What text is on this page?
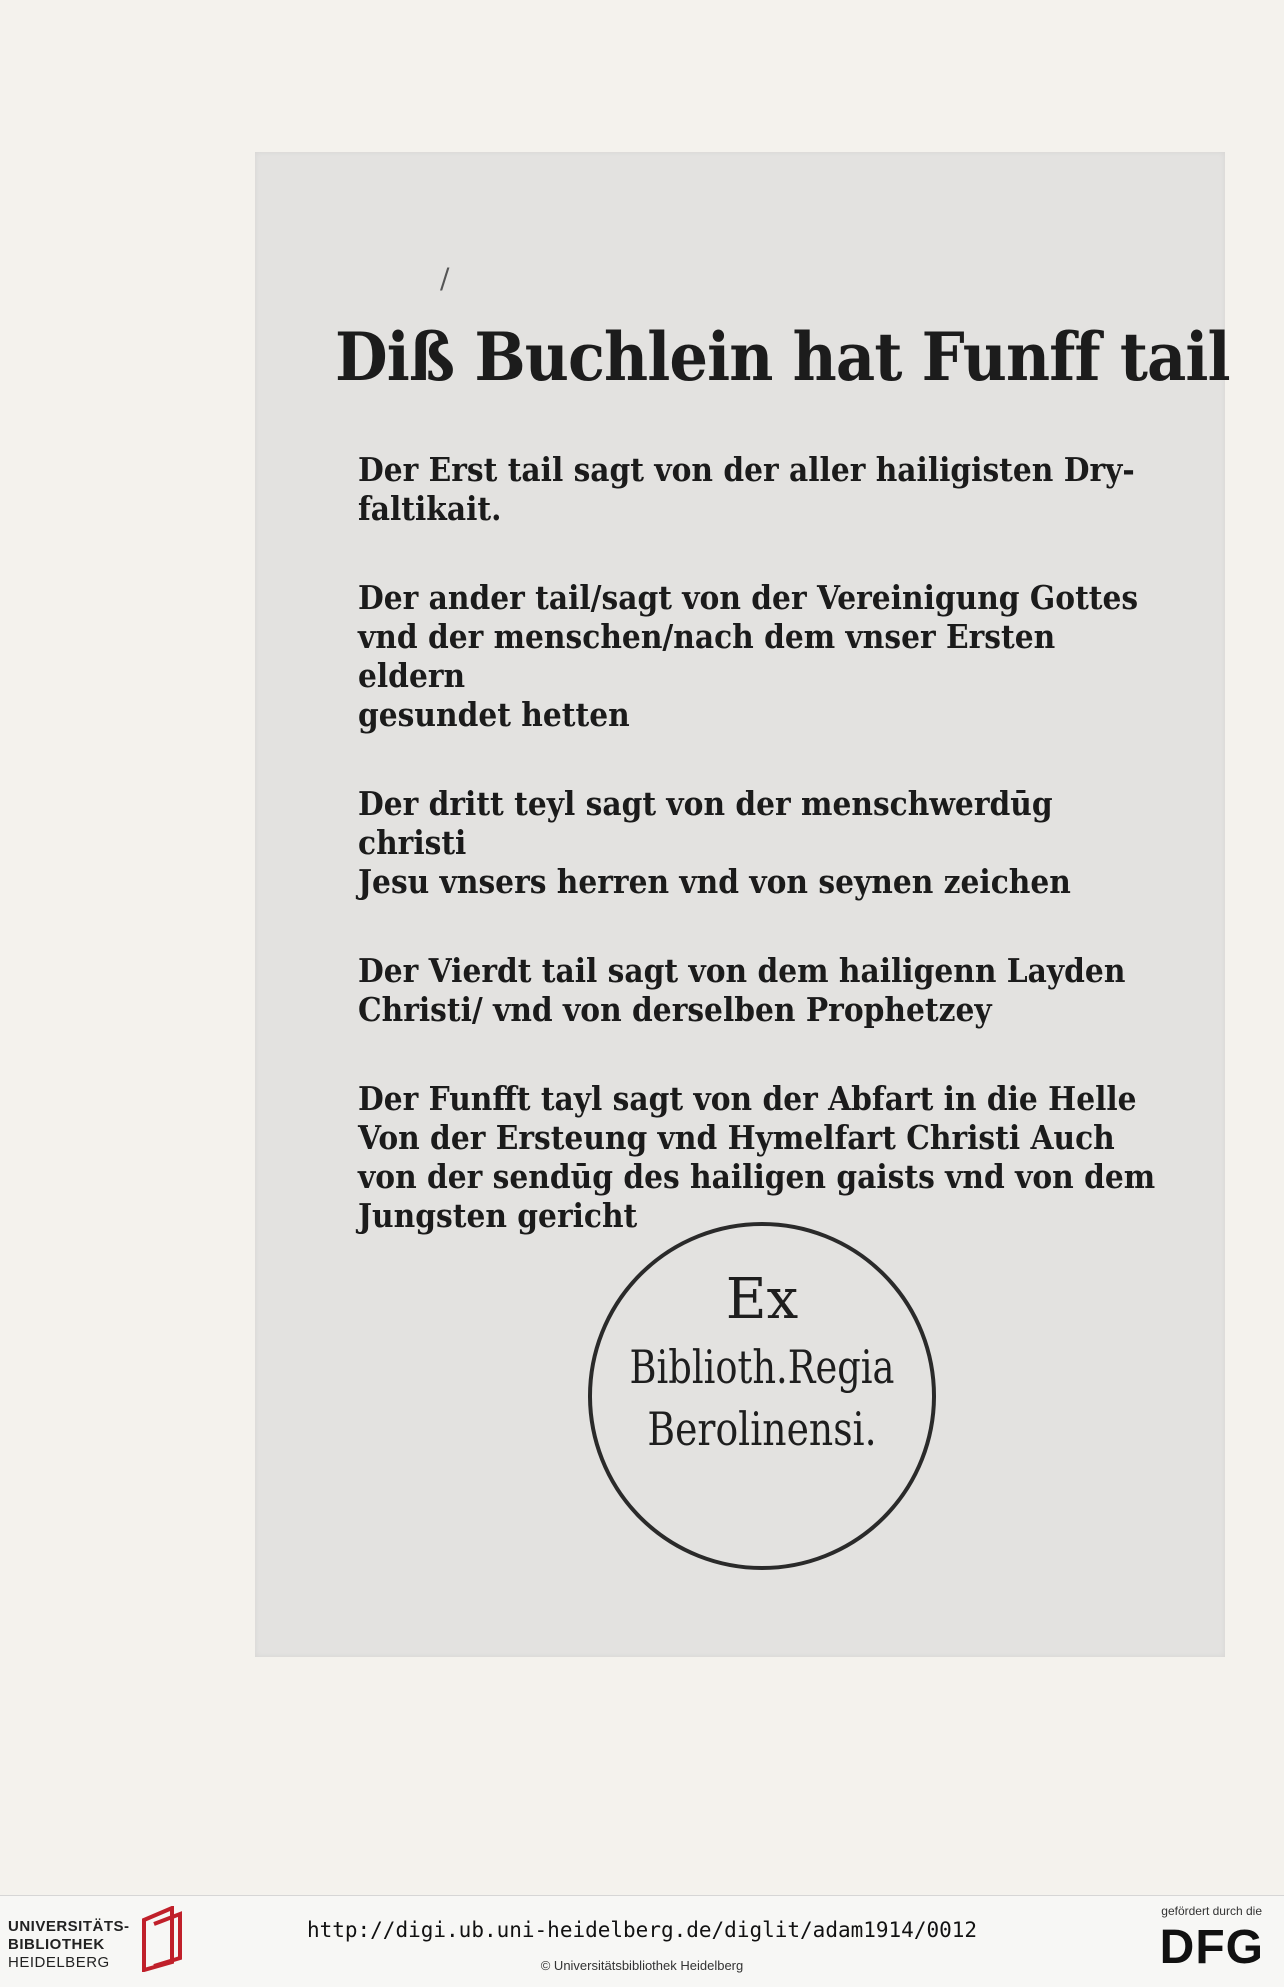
/
Diß Buchlein hat Funff tail
Der Erst tail sagt von der aller hailigisten Dry-
faltikait.
Der ander tail/sagt von der Vereinigung Gottes
vnd der menschen/nach dem vnser Ersten eldern
gesundet hetten
Der dritt teyl sagt von der menschwerdūg christi
Jesu vnsers herren vnd von seynen zeichen
Der Vierdt tail sagt von dem hailigenn Layden
Christi/ vnd von derselben Prophetzey
Der Funfft tayl sagt von der Abfart in die Helle
Von der Ersteung vnd Hymelfart Christi Auch
von der sendūg des hailigen gaists vnd von dem
Jungsten gericht
Ex
Biblioth.Regia
Berolinensi.
UNIVERSITÄTS-
BIBLIOTHEK
HEIDELBERG
http://digi.ub.uni-heidelberg.de/diglit/adam1914/0012
© Universitätsbibliothek Heidelberg
gefördert durch die
DFG
